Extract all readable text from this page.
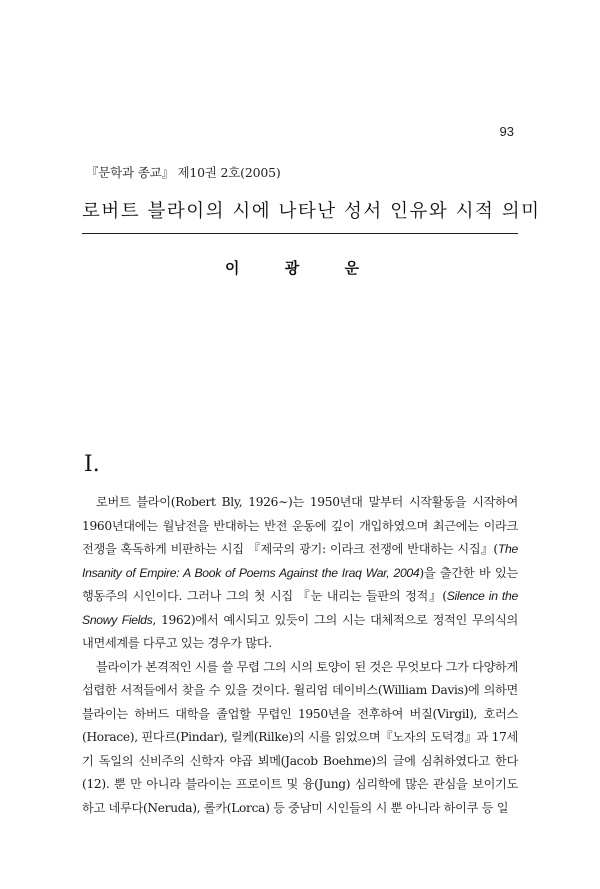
93
『문학과 종교』 제10권 2호(2005)
로버트 블라이의 시에 나타난 성서 인유와 시적 의미
이 광 운
I.

로버트 블라이(Robert Bly, 1926∼)는 1950년대 말부터 시작활동을 시작하여 1960년대에는 월남전을 반대하는 반전 운동에 깊이 개입하였으며 최근에는 이라크 전쟁을 혹독하게 비판하는 시집 『제국의 광기: 이라크 전쟁에 반대하는 시집』(The Insanity of Empire: A Book of Poems Against the Iraq War, 2004)을 출간한 바 있는 행동주의 시인이다. 그러나 그의 첫 시집 『눈 내리는 들판의 정적』(Silence in the Snowy Fields, 1962)에서 예시되고 있듯이 그의 시는 대체적으로 정적인 무의식의 내면세계를 다루고 있는 경우가 많다.

블라이가 본격적인 시를 쓸 무렵 그의 시의 토양이 된 것은 무엇보다 그가 다양하게 섭렵한 서적들에서 찾을 수 있을 것이다. 윌리엄 데이비스(William Davis)에 의하면 블라이는 하버드 대학을 졸업할 무렵인 1950년을 전후하여 버질(Virgil), 호러스(Horace), 핀다르(Pindar), 릴케(Rilke)의 시를 읽었으며『노자의 도덕경』과 17세기 독일의 신비주의 신학자 야곱 뵈메(Jacob Boehme)의 글에 심취하였다고 한다(12). 뿐 만 아니라 블라이는 프로이트 및 융(Jung) 심리학에 많은 관심을 보이기도 하고 네루다(Neruda), 롤카(Lorca) 등 중남미 시인들의 시 뿐 아니라 하이쿠 등 일
